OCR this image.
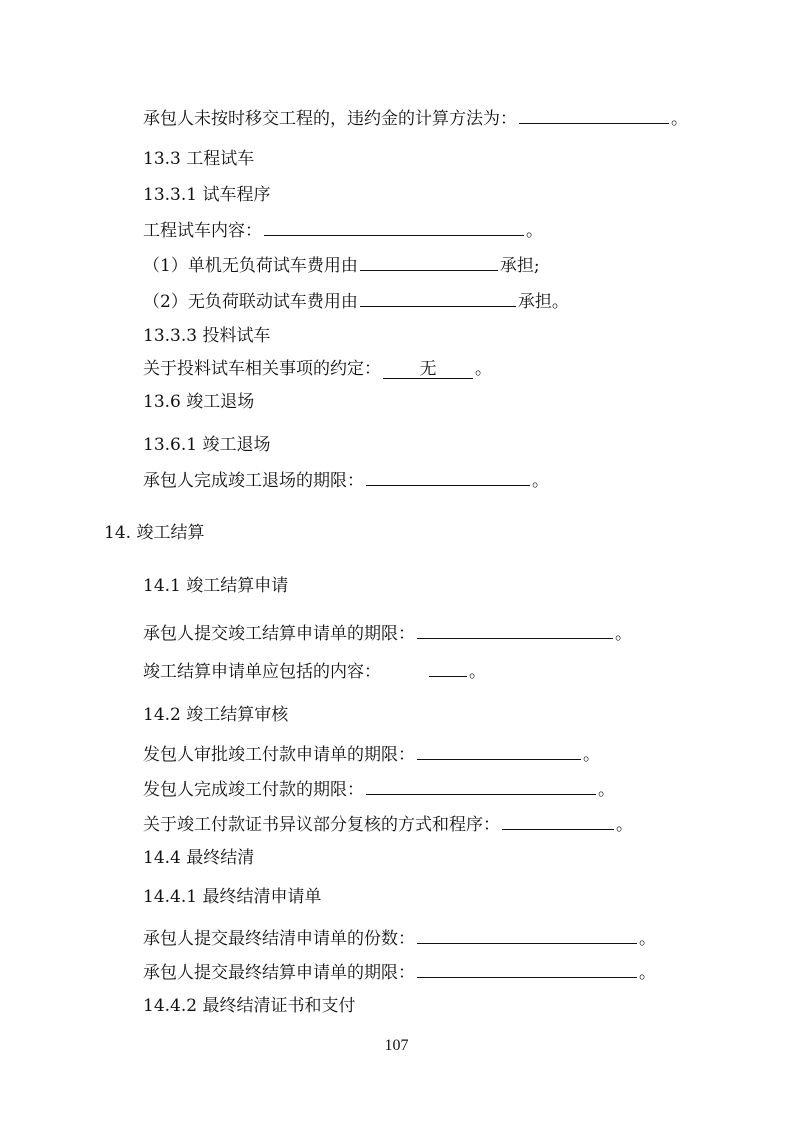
承包人未按时移交工程的，违约金的计算方法为：	。
13.3 工程试车
13.3.1 试车程序
工程试车内容：	。
（1）单机无负荷试车费用由	承担;
（2）无负荷联动试车费用由	承担。
13.3.3 投料试车
关于投料试车相关事项的约定： 无 。
13.6 竣工退场
13.6.1 竣工退场
承包人完成竣工退场的期限：	。
14. 竣工结算
14.1 竣工结算申请
承包人提交竣工结算申请单的期限：	。
竣工结算申请单应包括的内容：	。
14.2 竣工结算审核
发包人审批竣工付款申请单的期限：	。
发包人完成竣工付款的期限：	。
关于竣工付款证书异议部分复核的方式和程序：	。
14.4 最终结清
14.4.1 最终结清申请单
承包人提交最终结清申请单的份数：	。
承包人提交最终结算申请单的期限：	。
14.4.2 最终结清证书和支付
107
